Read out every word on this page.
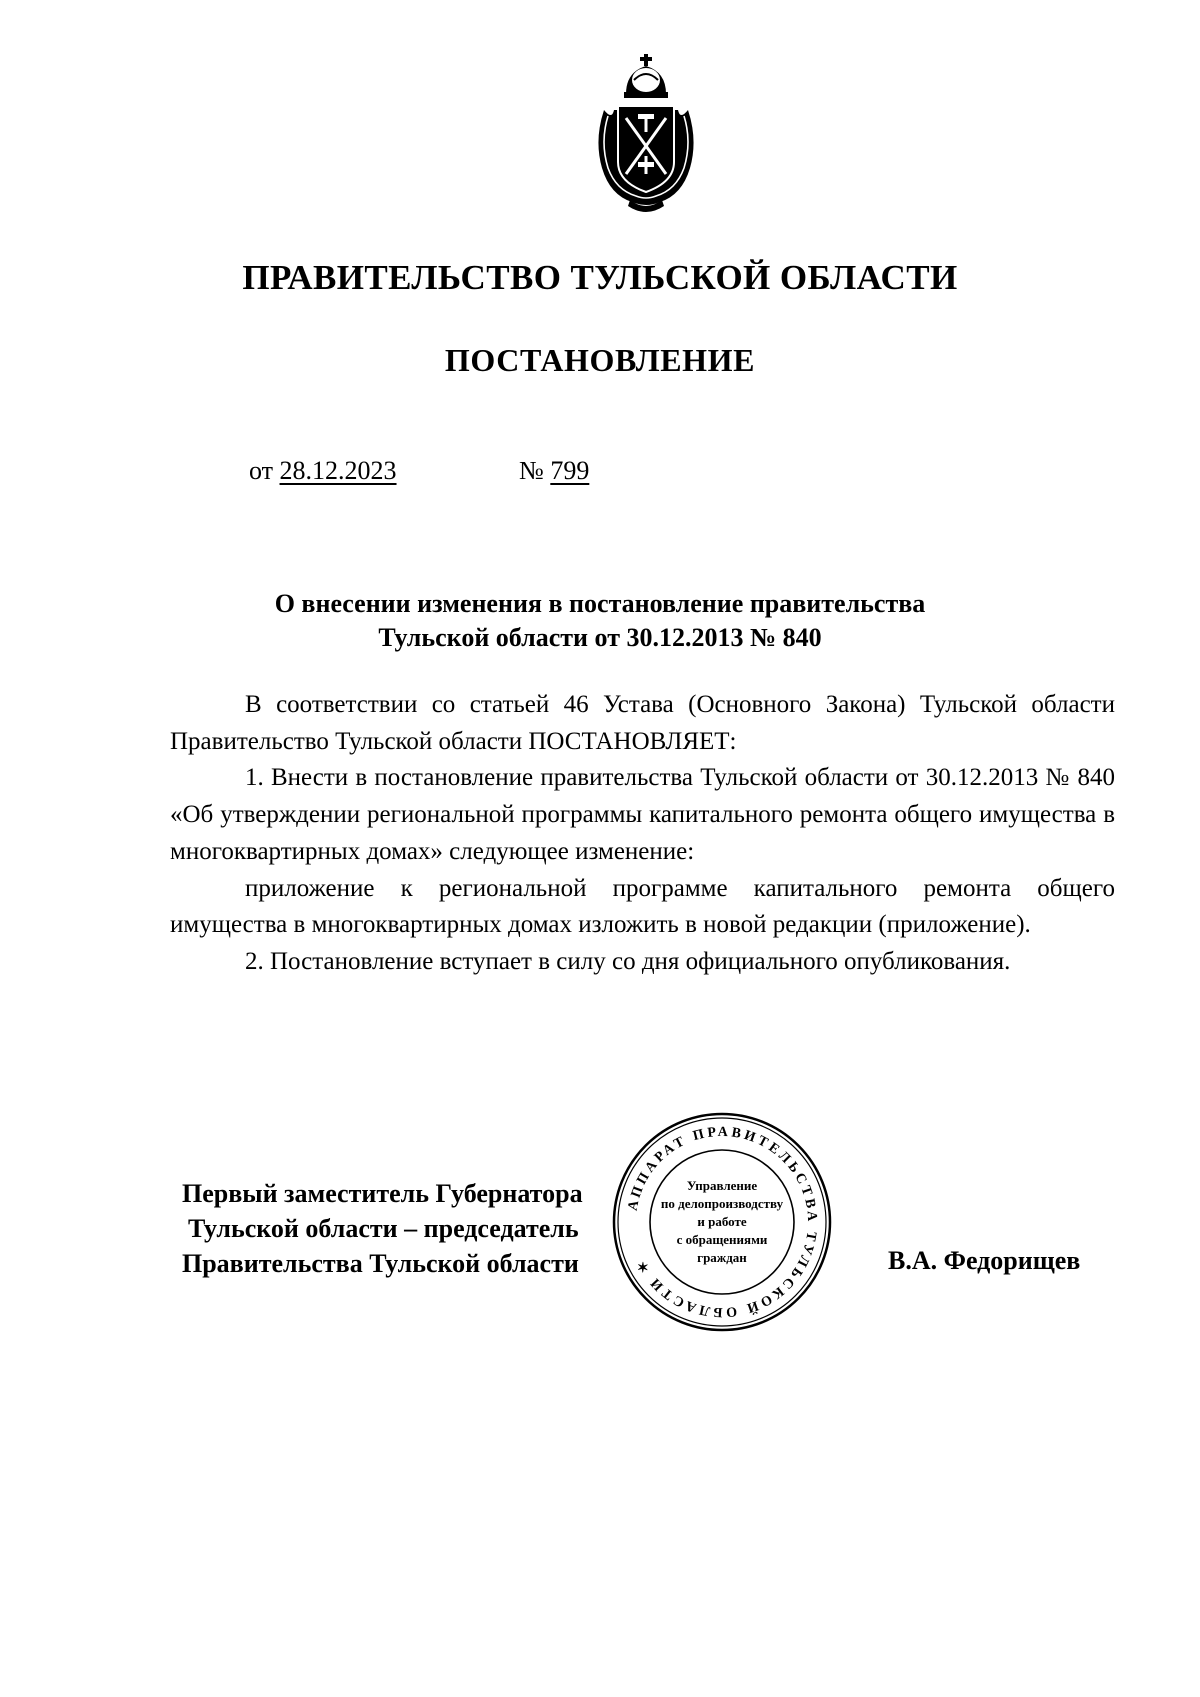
ПРАВИТЕЛЬСТВО ТУЛЬСКОЙ ОБЛАСТИ
ПОСТАНОВЛЕНИЕ
от 28.12.2023	№ 799
О внесении изменения в постановление правительства
Тульской области от 30.12.2013 № 840

В соответствии со статьей 46 Устава (Основного Закона) Тульской области Правительство Тульской области ПОСТАНОВЛЯЕТ:

1. Внести в постановление правительства Тульской области от 30.12.2013 № 840 «Об утверждении региональной программы капитального ремонта общего имущества в многоквартирных домах» следующее изменение:

приложение к региональной программе капитального ремонта общего имущества в многоквартирных домах изложить в новой редакции (приложение).

2. Постановление вступает в силу со дня официального опубликования.

Первый заместитель Губернатора
Тульской области – председатель
Правительства Тульской области
АППАРАТ ПРАВИТЕЛЬСТВА ТУЛЬСКОЙ ОБЛАСТИ ✶
Управление
по делопроизводству
и работе
с обращениями
граждан	В.А. Федорищев
